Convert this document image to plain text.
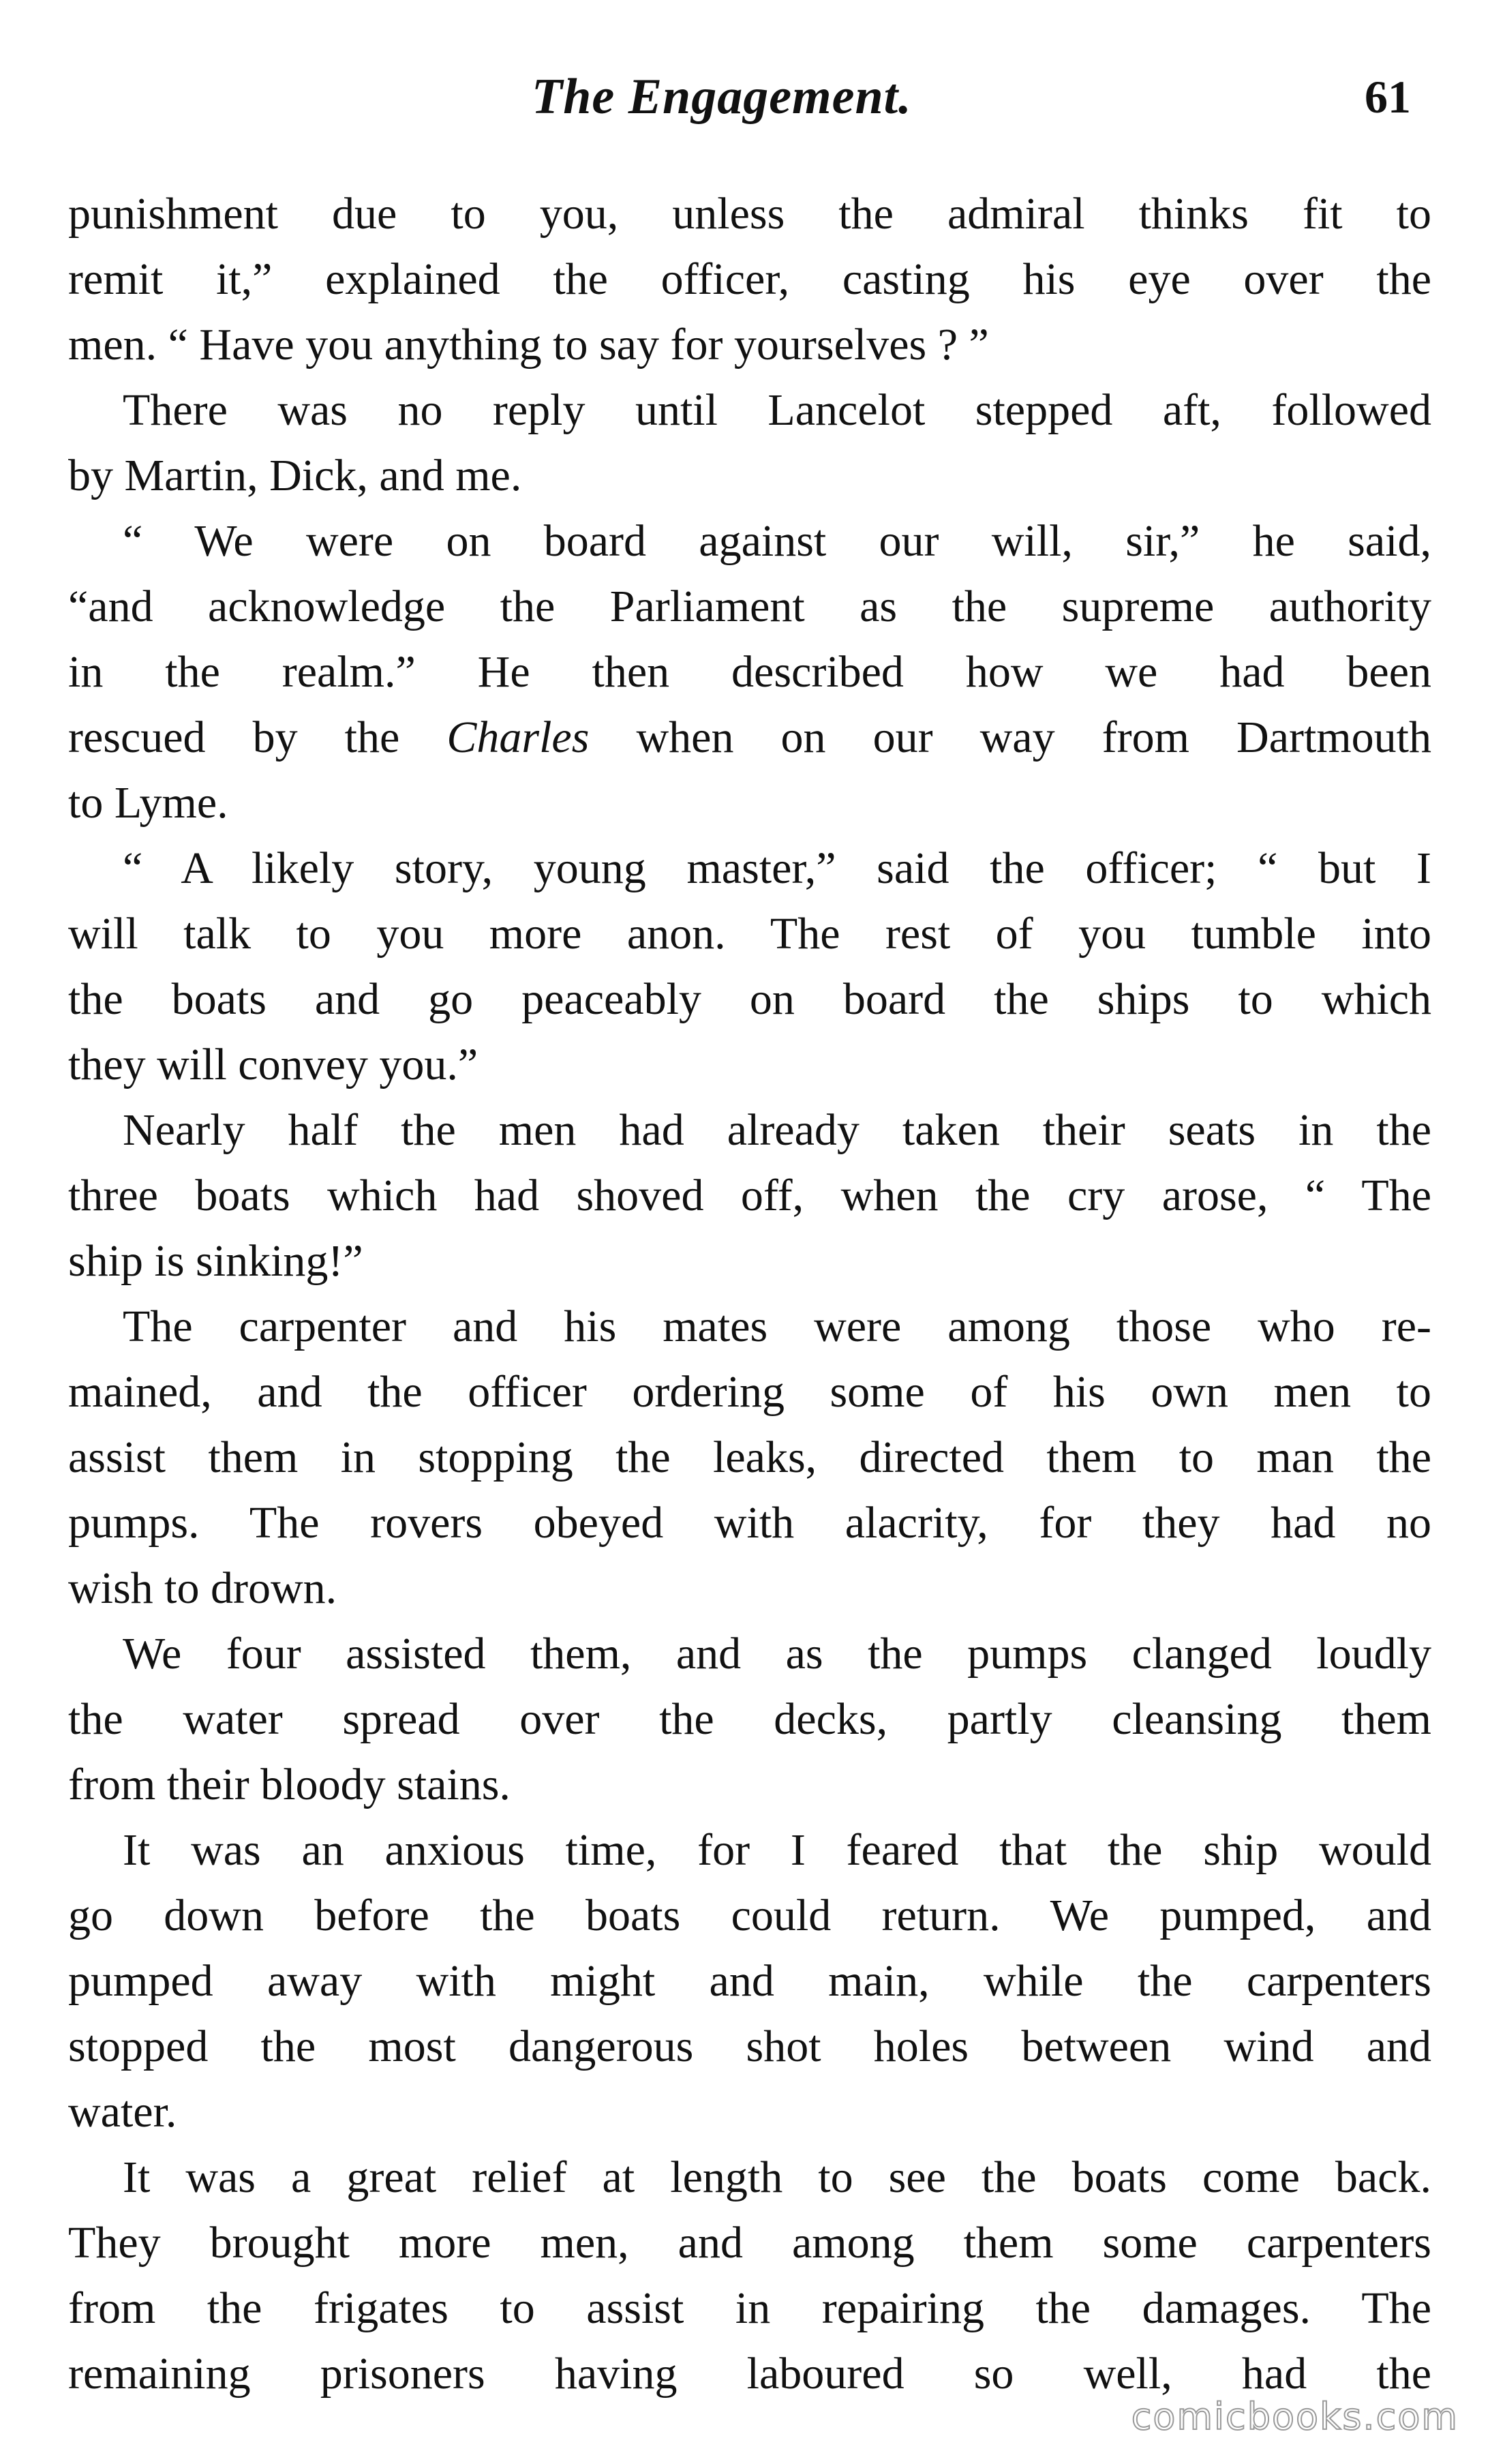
The Engagement.	61
punishment due to you, unless the admiral thinks fit to
remit it,” explained the officer, casting his eye over the
men. “ Have you anything to say for yourselves ? ”
There was no reply until Lancelot stepped aft, followed
by Martin, Dick, and me.
“ We were on board against our will, sir,” he said,
“and acknowledge the Parliament as the supreme authority
in the realm.” He then described how we had been
rescued by the Charles when on our way from Dartmouth
to Lyme.
“ A likely story, young master,” said the officer; “ but I
will talk to you more anon. The rest of you tumble into
the boats and go peaceably on board the ships to which
they will convey you.”
Nearly half the men had already taken their seats in the
three boats which had shoved off, when the cry arose, “ The
ship is sinking!”
The carpenter and his mates were among those who re-
mained, and the officer ordering some of his own men to
assist them in stopping the leaks, directed them to man the
pumps. The rovers obeyed with alacrity, for they had no
wish to drown.
We four assisted them, and as the pumps clanged loudly
the water spread over the decks, partly cleansing them
from their bloody stains.
It was an anxious time, for I feared that the ship would
go down before the boats could return. We pumped, and
pumped away with might and main, while the carpenters
stopped the most dangerous shot holes between wind and
water.
It was a great relief at length to see the boats come back.
They brought more men, and among them some carpenters
from the frigates to assist in repairing the damages. The
remaining prisoners having laboured so well, had the
comicbooks.com
